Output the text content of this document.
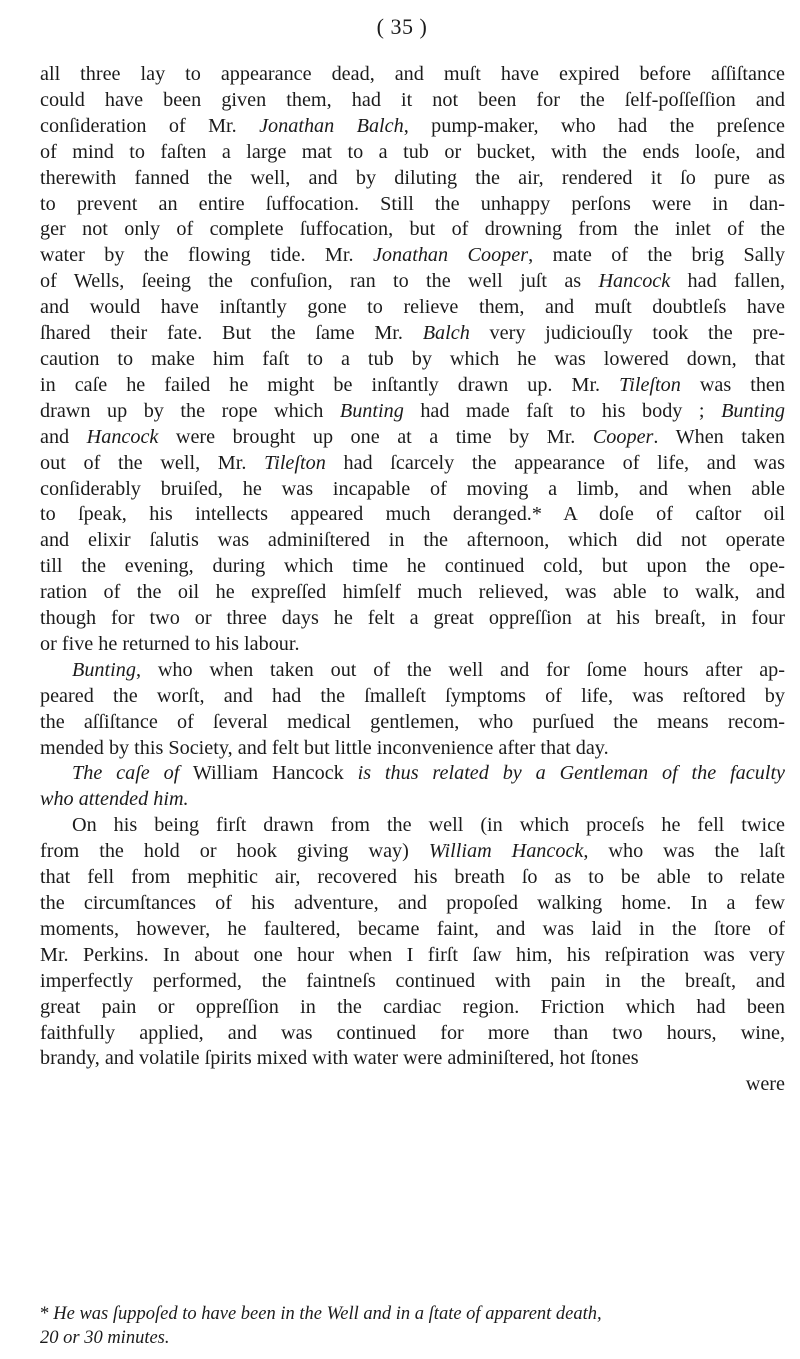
( 35 )
all three lay to appearance dead, and muſt have expired before aſſiſtance
could have been given them, had it not been for the ſelf-poſſeſſion and
conſideration of Mr. Jonathan Balch, pump-maker, who had the preſence
of mind to faſten a large mat to a tub or bucket, with the ends looſe, and
therewith fanned the well, and by diluting the air, rendered it ſo pure as
to prevent an entire ſuffocation. Still the unhappy perſons were in dan-
ger not only of complete ſuffocation, but of drowning from the inlet of the
water by the flowing tide. Mr. Jonathan Cooper, mate of the brig Sally
of Wells, ſeeing the confuſion, ran to the well juſt as Hancock had fallen,
and would have inſtantly gone to relieve them, and muſt doubtleſs have
ſhared their fate. But the ſame Mr. Balch very judiciouſly took the pre-
caution to make him faſt to a tub by which he was lowered down, that
in caſe he failed he might be inſtantly drawn up. Mr. Tileſton was then
drawn up by the rope which Bunting had made faſt to his body ; Bunting
and Hancock were brought up one at a time by Mr. Cooper. When taken
out of the well, Mr. Tileſton had ſcarcely the appearance of life, and was
conſiderably bruiſed, he was incapable of moving a limb, and when able
to ſpeak, his intellects appeared much deranged.* A doſe of caſtor oil
and elixir ſalutis was adminiſtered in the afternoon, which did not operate
till the evening, during which time he continued cold, but upon the ope-
ration of the oil he expreſſed himſelf much relieved, was able to walk, and
though for two or three days he felt a great oppreſſion at his breaſt, in four
or five he returned to his labour.
Bunting, who when taken out of the well and for ſome hours after ap-
peared the worſt, and had the ſmalleſt ſymptoms of life, was reſtored by
the aſſiſtance of ſeveral medical gentlemen, who purſued the means recom-
mended by this Society, and felt but little inconvenience after that day.
The caſe of William Hancock is thus related by a Gentleman of the faculty
who attended him.
On his being firſt drawn from the well (in which proceſs he fell twice
from the hold or hook giving way) William Hancock, who was the laſt
that fell from mephitic air, recovered his breath ſo as to be able to relate
the circumſtances of his adventure, and propoſed walking home. In a few
moments, however, he faultered, became faint, and was laid in the ſtore of
Mr. Perkins. In about one hour when I firſt ſaw him, his reſpiration was very
imperfectly performed, the faintneſs continued with pain in the breaſt, and
great pain or oppreſſion in the cardiac region. Friction which had been
faithfully applied, and was continued for more than two hours, wine,
brandy, and volatile ſpirits mixed with water were adminiſtered, hot ſtones
were
* He was ſuppoſed to have been in the Well and in a ſtate of apparent death,
20 or 30 minutes.
